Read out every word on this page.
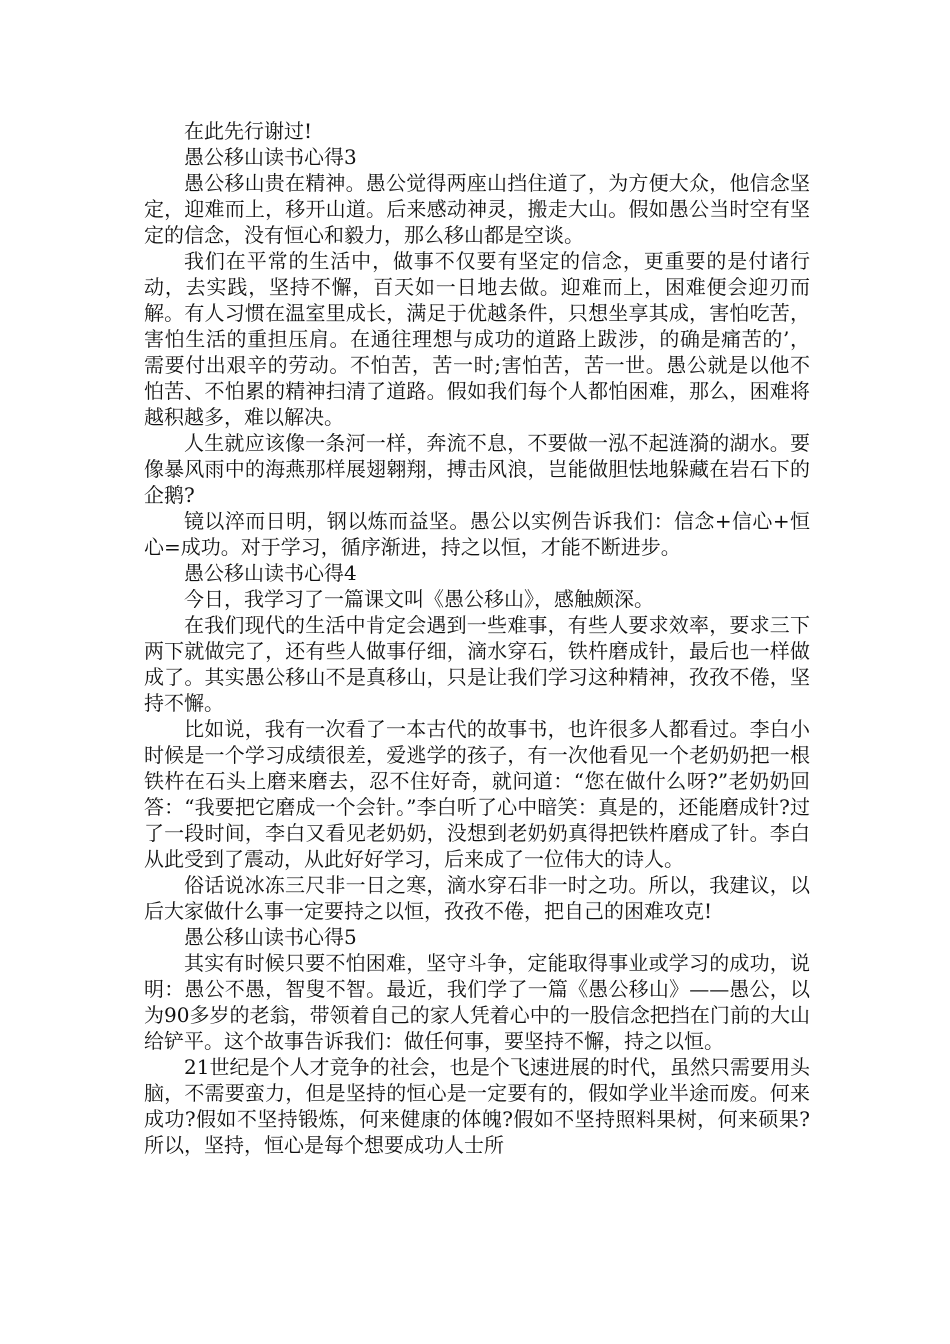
在此先行谢过!

愚公移山读书心得3

愚公移山贵在精神。愚公觉得两座山挡住道了，为方便大众，他信念坚定，迎难而上，移开山道。后来感动神灵，搬走大山。假如愚公当时空有坚定的信念，没有恒心和毅力，那么移山都是空谈。

我们在平常的生活中，做事不仅要有坚定的信念，更重要的是付诸行动，去实践，坚持不懈，百天如一日地去做。迎难而上，困难便会迎刃而解。有人习惯在温室里成长，满足于优越条件，只想坐享其成，害怕吃苦，害怕生活的重担压肩。在通往理想与成功的道路上跋涉，的确是痛苦的’，需要付出艰辛的劳动。不怕苦，苦一时;害怕苦，苦一世。愚公就是以他不怕苦、不怕累的精神扫清了道路。假如我们每个人都怕困难，那么，困难将越积越多，难以解决。

人生就应该像一条河一样，奔流不息，不要做一泓不起涟漪的湖水。要像暴风雨中的海燕那样展翅翱翔，搏击风浪，岂能做胆怯地躲藏在岩石下的企鹅?

镜以淬而日明，钢以炼而益坚。愚公以实例告诉我们：信念+信心+恒心=成功。对于学习，循序渐进，持之以恒，才能不断进步。

愚公移山读书心得4

今日，我学习了一篇课文叫《愚公移山》，感触颇深。

在我们现代的生活中肯定会遇到一些难事，有些人要求效率，要求三下两下就做完了，还有些人做事仔细，滴水穿石，铁杵磨成针，最后也一样做成了。其实愚公移山不是真移山，只是让我们学习这种精神，孜孜不倦，坚持不懈。

比如说，我有一次看了一本古代的故事书，也许很多人都看过。李白小时候是一个学习成绩很差，爱逃学的孩子，有一次他看见一个老奶奶把一根铁杵在石头上磨来磨去，忍不住好奇，就问道：“您在做什么呀?”老奶奶回答：“我要把它磨成一个会针。”李白听了心中暗笑：真是的，还能磨成针?过了一段时间，李白又看见老奶奶，没想到老奶奶真得把铁杵磨成了针。李白从此受到了震动，从此好好学习，后来成了一位伟大的诗人。

俗话说冰冻三尺非一日之寒，滴水穿石非一时之功。所以，我建议，以后大家做什么事一定要持之以恒，孜孜不倦，把自己的困难攻克!

愚公移山读书心得5

其实有时候只要不怕困难，坚守斗争，定能取得事业或学习的成功，说明：愚公不愚，智叟不智。最近，我们学了一篇《愚公移山》——愚公，以为90多岁的老翁，带领着自己的家人凭着心中的一股信念把挡在门前的大山给铲平。这个故事告诉我们：做任何事，要坚持不懈，持之以恒。

21世纪是个人才竞争的社会，也是个飞速进展的时代，虽然只需要用头脑，不需要蛮力，但是坚持的恒心是一定要有的，假如学业半途而废。何来成功?假如不坚持锻炼，何来健康的体魄?假如不坚持照料果树，何来硕果?所以，坚持，恒心是每个想要成功人士所
